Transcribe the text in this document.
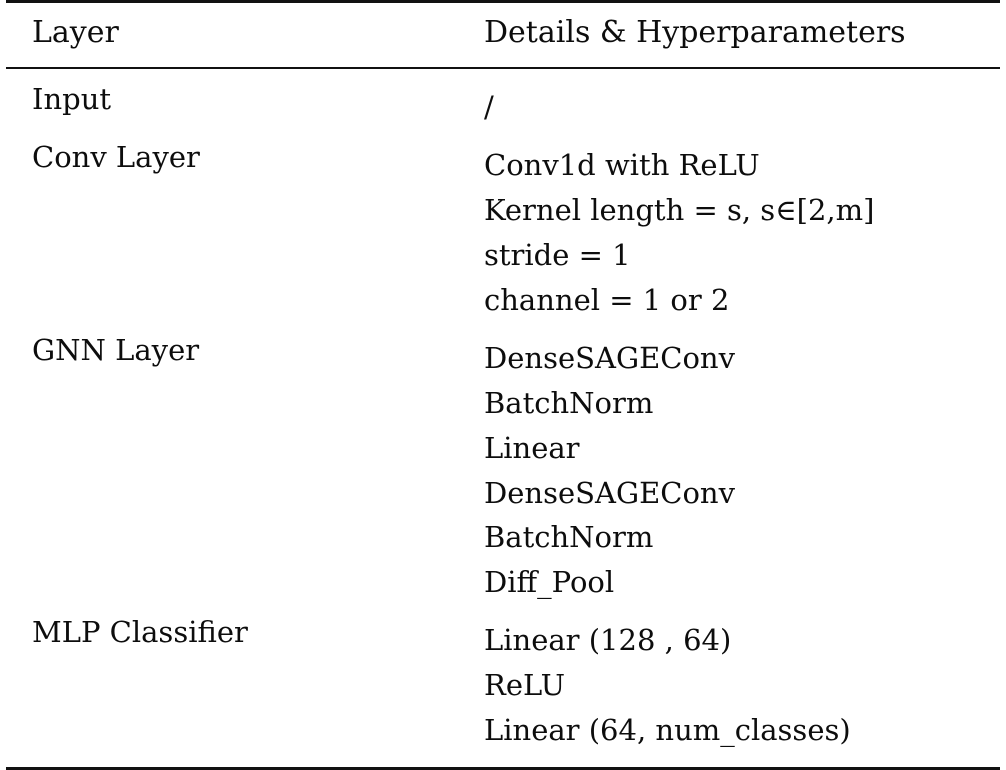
Layer	Details & Hyperparameters
Input	/

Conv Layer	Conv1d with ReLU
Kernel length = s, s∈[2,m]
stride = 1
channel = 1 or 2

GNN Layer	DenseSAGEConv
BatchNorm
Linear
DenseSAGEConv
BatchNorm
Diff_Pool

MLP Classifier	Linear (128 , 64)
ReLU
Linear (64, num_classes)
